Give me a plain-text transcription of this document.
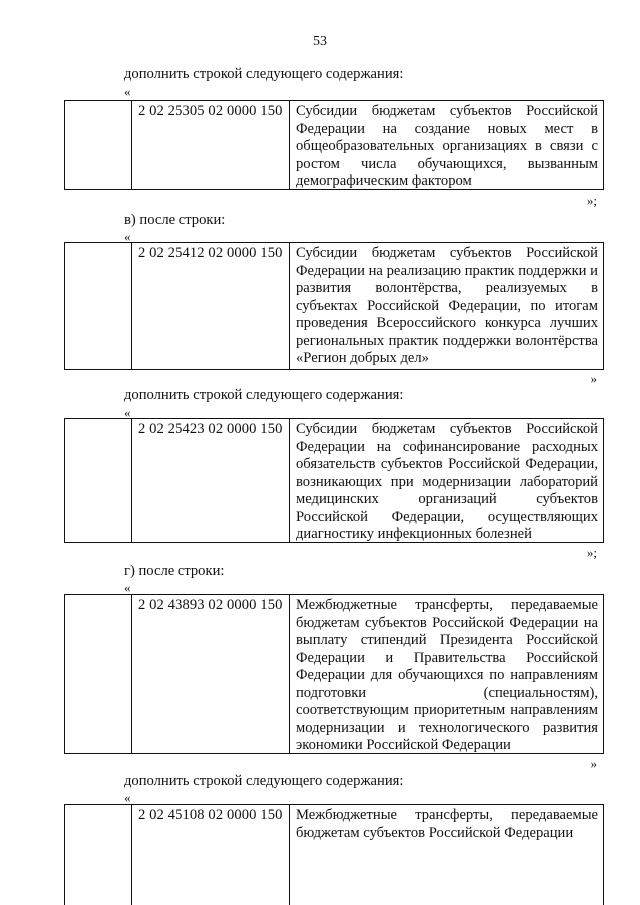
53
дополнить строкой следующего содержания:
«
2 02 25305 02 0000 150 Субсидии бюджетам субъектов Российской Федерации на создание новых мест в общеобразовательных организациях в связи с ростом числа обучающихся, вызванным демографическим фактором
»;
в) после строки:
«
2 02 25412 02 0000 150 Субсидии бюджетам субъектов Российской Федерации на реализацию практик поддержки и развития волонтёрства, реализуемых в субъектах Российской Федерации, по итогам проведения Всероссийского конкурса лучших региональных практик поддержки волонтёрства «Регион добрых дел»
»
дополнить строкой следующего содержания:
«
2 02 25423 02 0000 150 Субсидии бюджетам субъектов Российской Федерации на софинансирование расходных обязательств субъектов Российской Федерации, возникающих при модернизации лабораторий медицинских организаций субъектов Российской Федерации, осуществляющих диагностику инфекционных болезней
»;
г) после строки:
«
2 02 43893 02 0000 150 Межбюджетные трансферты, передаваемые бюджетам субъектов Российской Федерации на выплату стипендий Президента Российской Федерации и Правительства Российской Федерации для обучающихся по направлениям подготовки (специальностям), соответствующим приоритетным направлениям модернизации и технологического развития экономики Российской Федерации
»
дополнить строкой следующего содержания:
«
2 02 45108 02 0000 150 Межбюджетные трансферты, передаваемые бюджетам субъектов Российской Федерации
